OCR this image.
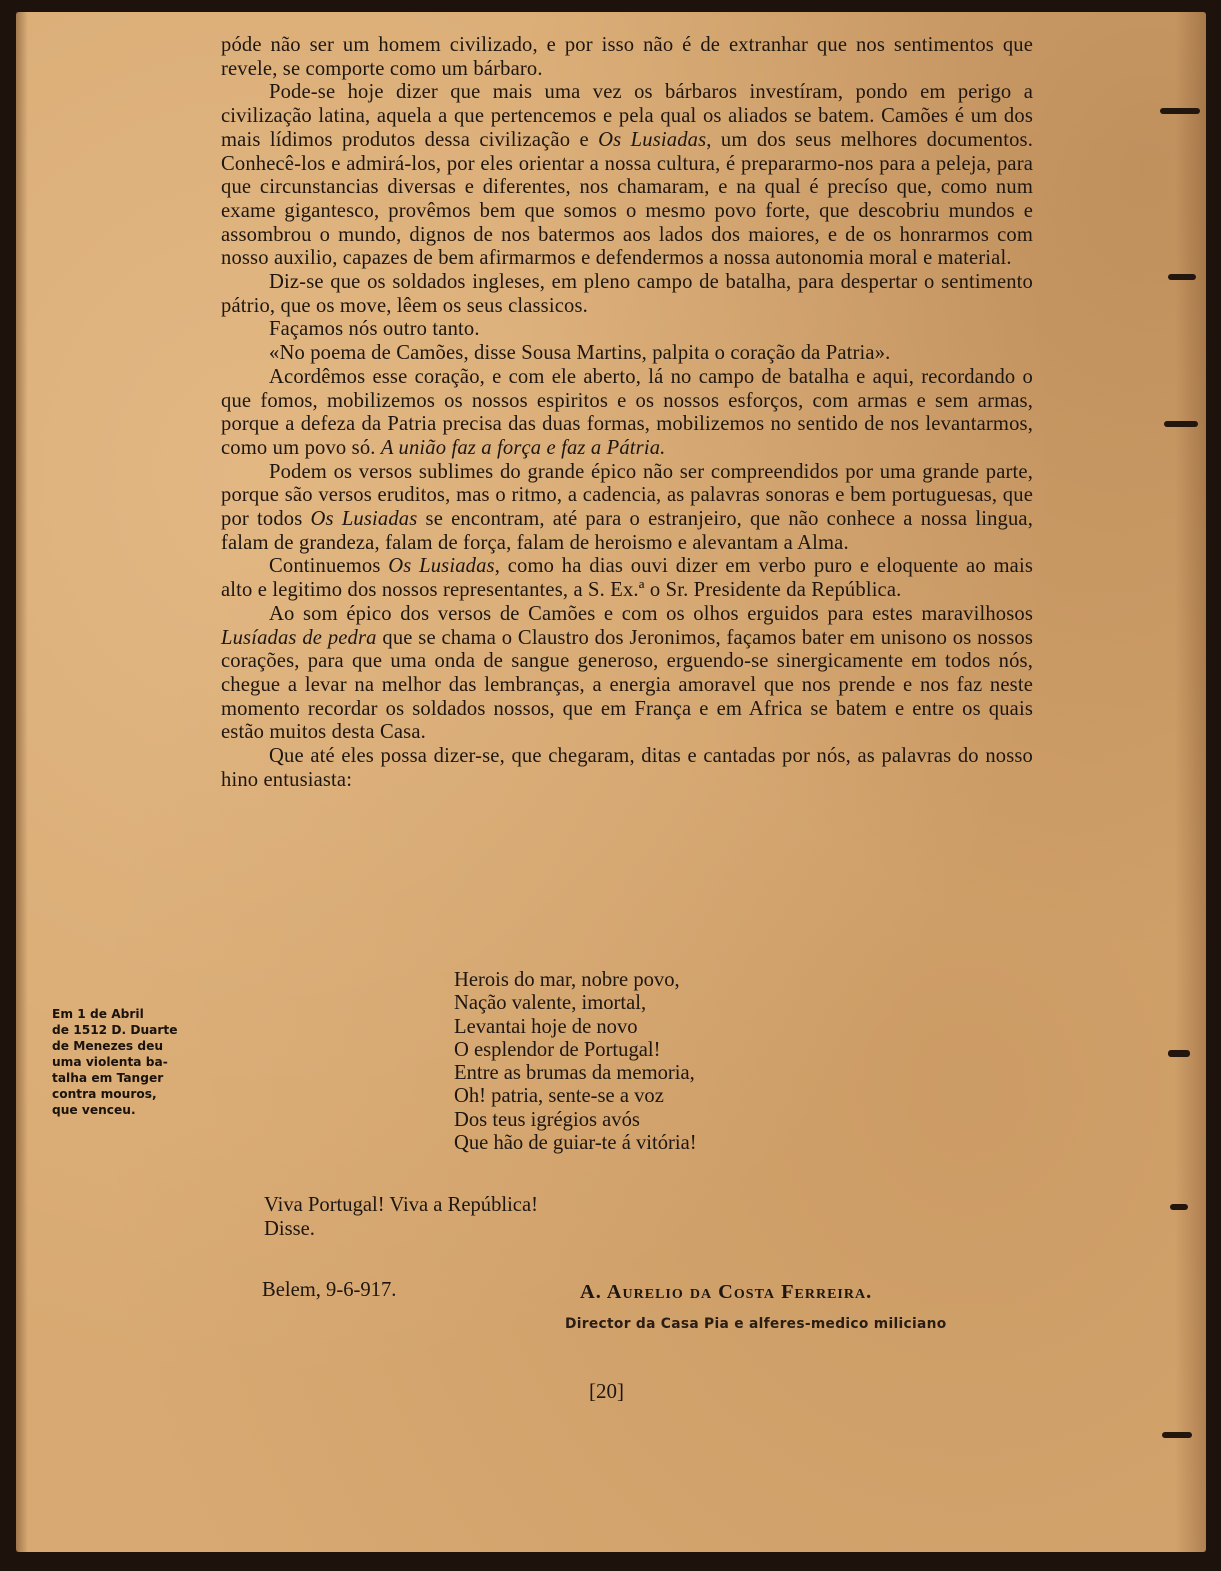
póde não ser um homem civilizado, e por isso não é de extranhar que nos sentimentos que revele, se comporte como um bárbaro.

Pode-se hoje dizer que mais uma vez os bárbaros investíram, pondo em perigo a civilização latina, aquela a que pertencemos e pela qual os aliados se batem. Camões é um dos mais lídimos produtos dessa civilização e Os Lusiadas, um dos seus melhores documentos. Conhecê-los e admirá-los, por eles orientar a nossa cultura, é prepararmo-nos para a peleja, para que circunstancias diversas e diferentes, nos chamaram, e na qual é precíso que, como num exame gigantesco, provêmos bem que somos o mesmo povo forte, que descobriu mundos e assombrou o mundo, dignos de nos batermos aos lados dos maiores, e de os honrarmos com nosso auxilio, capazes de bem afirmarmos e defendermos a nossa autonomia moral e material.

Diz-se que os soldados ingleses, em pleno campo de batalha, para despertar o sentimento pátrio, que os move, lêem os seus classicos.

Façamos nós outro tanto.

«No poema de Camões, disse Sousa Martins, palpita o coração da Patria».

Acordêmos esse coração, e com ele aberto, lá no campo de batalha e aqui, recordando o que fomos, mobilizemos os nossos espiritos e os nossos esforços, com armas e sem armas, porque a defeza da Patria precisa das duas formas, mobilizemos no sentido de nos levantarmos, como um povo só. A união faz a força e faz a Pátria.

Podem os versos sublimes do grande épico não ser compreendidos por uma grande parte, porque são versos eruditos, mas o ritmo, a cadencia, as palavras sonoras e bem portuguesas, que por todos Os Lusiadas se encontram, até para o estranjeiro, que não conhece a nossa lingua, falam de grandeza, falam de força, falam de heroismo e alevantam a Alma.

Continuemos Os Lusiadas, como ha dias ouvi dizer em verbo puro e eloquente ao mais alto e legitimo dos nossos representantes, a S. Ex.ª o Sr. Presidente da República.

Ao som épico dos versos de Camões e com os olhos erguidos para estes maravilhosos Lusíadas de pedra que se chama o Claustro dos Jeronimos, façamos bater em unisono os nossos corações, para que uma onda de sangue generoso, erguendo-se sinergicamente em todos nós, chegue a levar na melhor das lembranças, a energia amoravel que nos prende e nos faz neste momento recordar os soldados nossos, que em França e em Africa se batem e entre os quais estão muitos desta Casa.

Que até eles possa dizer-se, que chegaram, ditas e cantadas por nós, as palavras do nosso hino entusiasta:

Em 1 de Abril
de 1512 D. Duarte
de Menezes deu
uma violenta ba-
talha em Tanger
contra mouros,
que venceu.
Herois do mar, nobre povo,
Nação valente, imortal,
Levantai hoje de novo
O esplendor de Portugal!
Entre as brumas da memoria,
Oh! patria, sente-se a voz
Dos teus igrégios avós
Que hão de guiar-te á vitória!
Viva Portugal! Viva a República!
Disse.
Belem, 9-6-917.	A. Aurelio da Costa Ferreira.
Director da Casa Pia e alferes-medico miliciano
[20]
